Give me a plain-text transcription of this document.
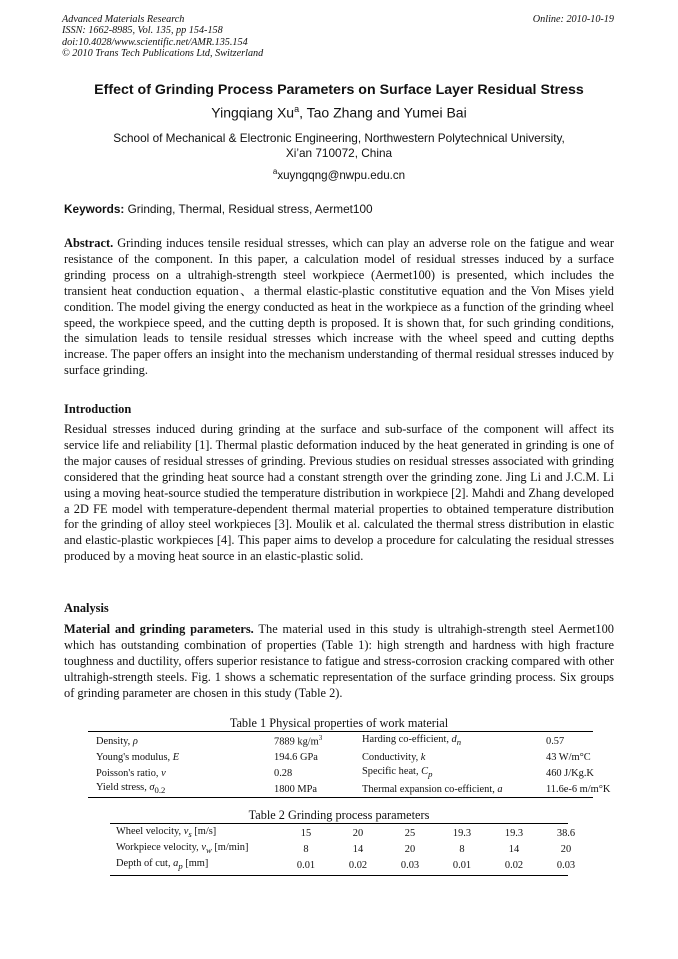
Advanced Materials Research
ISSN: 1662-8985, Vol. 135, pp 154-158
doi:10.4028/www.scientific.net/AMR.135.154
© 2010 Trans Tech Publications Ltd, Switzerland
Online: 2010-10-19
Effect of Grinding Process Parameters on Surface Layer Residual Stress
Yingqiang Xu$^a$, Tao Zhang and Yumei Bai
School of Mechanical & Electronic Engineering, Northwestern Polytechnical University,
Xi’an 710072, China
$^a$xuyngqng@nwpu.edu.cn
Keywords: Grinding, Thermal, Residual stress, Aermet100
Abstract. Grinding induces tensile residual stresses, which can play an adverse role on the fatigue and wear resistance of the component. In this paper, a calculation model of residual stresses induced by a surface grinding process on a ultrahigh-strength steel workpiece (Aermet100) is presented, which includes the transient heat conduction equation、a thermal elastic-plastic constitutive equation and the Von Mises yield condition. The model giving the energy conducted as heat in the workpiece as a function of the grinding wheel speed, the workpiece speed, and the cutting depth is proposed. It is shown that, for such grinding conditions, the simulation leads to tensile residual stresses which increase with the wheel speed and cutting depths increase. The paper offers an insight into the mechanism understanding of thermal residual stresses induced by surface grinding.
Introduction
Residual stresses induced during grinding at the surface and sub-surface of the component will affect its service life and reliability [1]. Thermal plastic deformation induced by the heat generated in grinding is one of the major causes of residual stresses of grinding. Previous studies on residual stresses associated with grinding considered that the grinding heat source had a constant strength over the grinding zone. Jing Li and J.C.M. Li using a moving heat-source studied the temperature distribution in workpiece [2]. Mahdi and Zhang developed a 2D FE model with temperature-dependent thermal material properties to obtained temperature distribution for the grinding of alloy steel workpieces [3]. Moulik et al. calculated the thermal stress distribution in elastic and elastic-plastic workpieces [4]. This paper aims to develop a procedure for calculating the residual stresses produced by a moving heat source in an elastic-plastic solid.
Analysis
Material and grinding parameters. The material used in this study is ultrahigh-strength steel Aermet100 which has outstanding combination of properties (Table 1): high strength and hardness with high fracture toughness and ductility, offers superior resistance to fatigue and stress-corrosion cracking compared with other ultrahigh-strength steels. Fig. 1 shows a schematic representation of the surface grinding process. Six groups of grinding parameter are chosen in this study (Table 2).
Table 1 Physical properties of work material
Density, ρ	7889 $kg/m^3$	Harding co-efficient, $d_n$	0.57
Young's modulus, E	194.6 GPa	Conductivity, k	43 W/m°C
Poisson's ratio, ν	0.28	Specific heat, $C_p$	460 J/Kg.K
Yield stress, $\sigma_{0.2}$	1800 MPa	Thermal expansion co-efficient, a	11.6e-6 m/m°K
Table 2 Grinding process parameters
Wheel velocity, $v_s$ [m/s]	15	20	25	19.3	19.3	38.6
Workpiece velocity, $v_w$ [m/min]	8	14	20	8	14	20
Depth of cut, $a_p$ [mm]	0.01	0.02	0.03	0.01	0.02	0.03
